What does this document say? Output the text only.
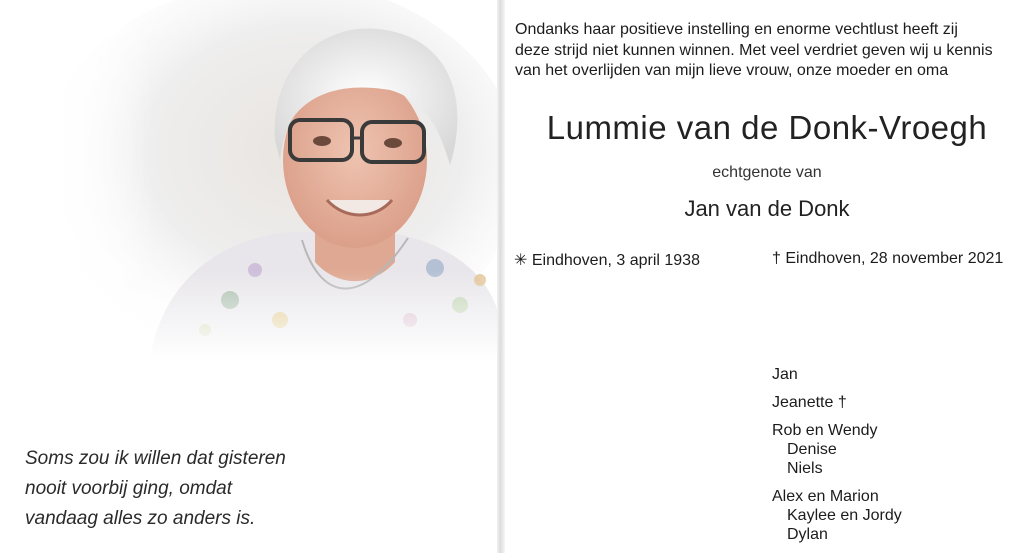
Soms zou ik willen dat gisteren
nooit voorbij ging, omdat
vandaag alles zo anders is.
Ondanks haar positieve instelling en enorme vechtlust heeft zij
deze strijd niet kunnen winnen. Met veel verdriet geven wij u kennis
van het overlijden van mijn lieve vrouw, onze moeder en oma
Lummie van de Donk-Vroegh
echtgenote van
Jan van de Donk
✳ Eindhoven, 3 april 1938	† Eindhoven, 28 november 2021
Jan
Jeanette †
Rob en Wendy
Denise
Niels
Alex en Marion
Kaylee en Jordy
Dylan
